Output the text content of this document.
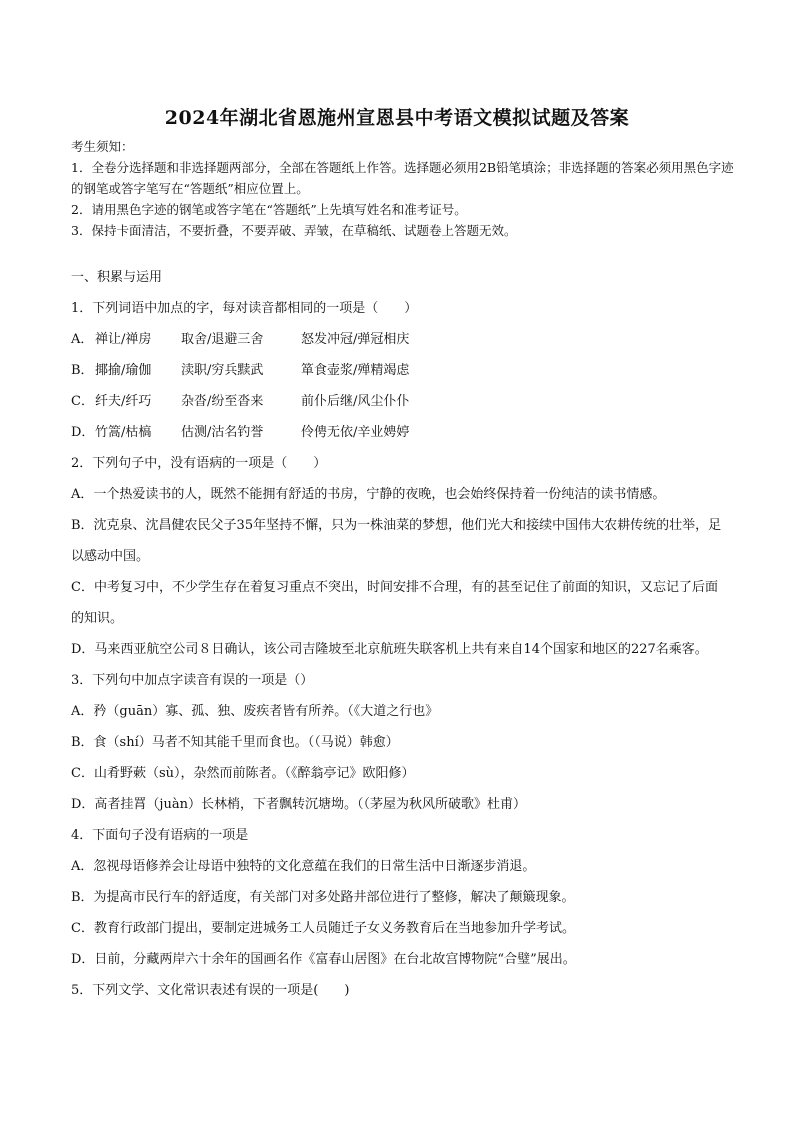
2024年湖北省恩施州宣恩县中考语文模拟试题及答案

考生须知：

1．全卷分选择题和非选择题两部分，全部在答题纸上作答。选择题必须用2B铅笔填涂；非选择题的答案必须用黑色字迹的钢笔或答字笔写在“答题纸”相应位置上。

2．请用黑色字迹的钢笔或答字笔在“答题纸”上先填写姓名和准考证号。

3．保持卡面清洁，不要折叠，不要弄破、弄皱，在草稿纸、试题卷上答题无效。

一、积累与运用

1．下列词语中加点的字，每对读音都相同的一项是（　　）

A． 禅让/禅房	取舍/退避三舍	怒发冲冠/弹冠相庆
B． 揶揄/瑜伽	渎职/穷兵黩武	箪食壶浆/殚精竭虑
C． 纤夫/纤巧	杂沓/纷至沓来	前仆后继/风尘仆仆
D． 竹篙/枯槁	估测/沽名钓誉	伶俜无依/辛业娉婷

2．下列句子中，没有语病的一项是（　　）

A．一个热爱读书的人，既然不能拥有舒适的书房，宁静的夜晚，也会始终保持着一份纯洁的读书情感。

B．沈克泉、沈昌健农民父子35年坚持不懈，只为一株油菜的梦想，他们光大和接续中国伟大农耕传统的壮举，足以感动中国。

C．中考复习中，不少学生存在着复习重点不突出，时间安排不合理，有的甚至记住了前面的知识，又忘记了后面的知识。

D．马来西亚航空公司８日确认，该公司吉隆坡至北京航班失联客机上共有来自14个国家和地区的227名乘客。

3．下列句中加点字读音有误的一项是（）

A．矜（guān）寡、孤、独、废疾者皆有所养。（《大道之行也》

B．食（shí）马者不知其能千里而食也。（（马说）韩愈）

C．山肴野蔌（sù），杂然而前陈者。（《醉翁亭记》欧阳修）

D．高者挂罥（juàn）长林梢，下者飘转沉塘坳。（（茅屋为秋风所破歌》杜甫）

4．下面句子没有语病的一项是

A．忽视母语修养会让母语中独特的文化意蕴在我们的日常生活中日渐逐步消退。

B．为提高市民行车的舒适度，有关部门对多处路井部位进行了整修，解决了颠簸现象。

C．教育行政部门提出，要制定进城务工人员随迁子女义务教育后在当地参加升学考试。

D．日前，分藏两岸六十余年的国画名作《富春山居图》在台北故宫博物院“合璧”展出。

5．下列文学、文化常识表述有误的一项是(　　)
